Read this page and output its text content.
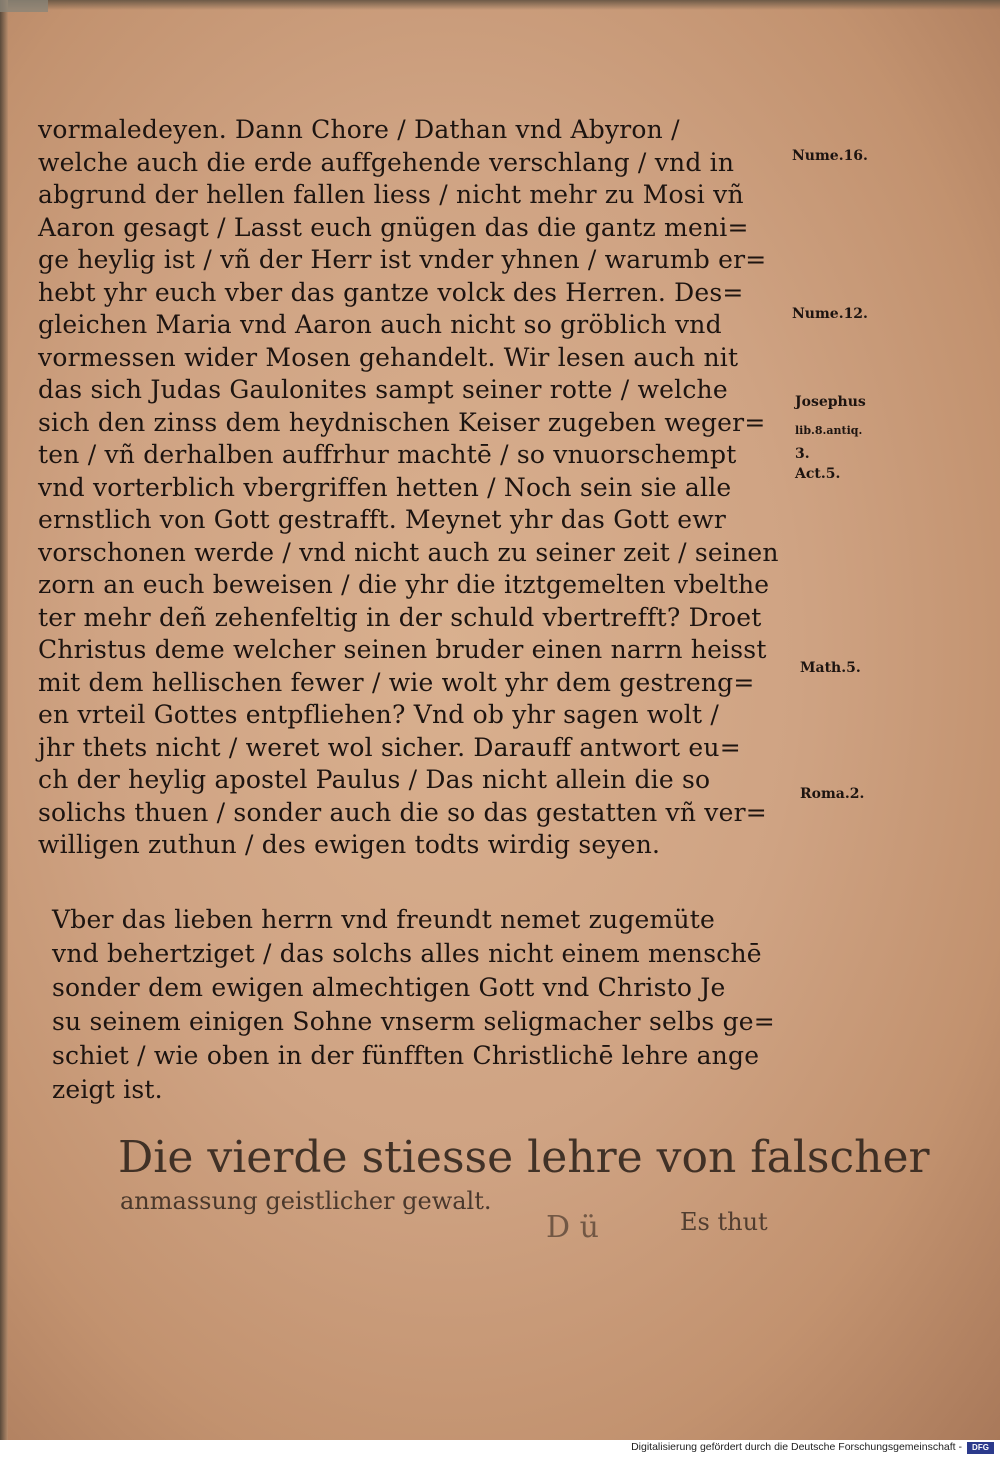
vormaledeyen. Dann Chore / Dathan vnd Abyron /
welche auch die erde auffgehende verschlang / vnd in
abgrund der hellen fallen liess / nicht mehr zu Mosi vñ
Aaron gesagt / Lasst euch gnügen das die gantz meni=
ge heylig ist / vñ der Herr ist vnder yhnen / warumb er=
hebt yhr euch vber das gantze volck des Herren. Des=
gleichen Maria vnd Aaron auch nicht so gröblich vnd
vormessen wider Mosen gehandelt. Wir lesen auch nit
das sich Judas Gaulonites sampt seiner rotte / welche
sich den zinss dem heydnischen Keiser zugeben weger=
ten / vñ derhalben auffrhur machtē / so vnuorschempt
vnd vorterblich vbergriffen hetten / Noch sein sie alle
ernstlich von Gott gestrafft. Meynet yhr das Gott ewr
vorschonen werde / vnd nicht auch zu seiner zeit / seinen
zorn an euch beweisen / die yhr die itztgemelten vbelthe
ter mehr deñ zehenfeltig in der schuld vbertrefft? Droet
Christus deme welcher seinen bruder einen narrn heisst
mit dem hellischen fewer / wie wolt yhr dem gestreng=
en vrteil Gottes entpfliehen? Vnd ob yhr sagen wolt /
jhr thets nicht / weret wol sicher. Darauff antwort eu=
ch der heylig apostel Paulus / Das nicht allein die so
solichs thuen / sonder auch die so das gestatten vñ ver=
willigen zuthun / des ewigen todts wirdig seyen.
Vber das lieben herrn vnd freundt nemet zugemüte
vnd behertziget / das solchs alles nicht einem menschē
sonder dem ewigen almechtigen Gott vnd Christo Je
su seinem einigen Sohne vnserm seligmacher selbs ge=
schiet / wie oben in der fünfften Christlichē lehre ange
zeigt ist.
Die vierde stiesse lehre von falscher
anmassung geistlicher gewalt.
D ü	Es thut
Nume.16.
Nume.12.
Josephus
lib.8.antiq.
3.
Act.5.
Math.5.
Roma.2.
Digitalisierung gefördert durch die Deutsche Forschungsgemeinschaft -	DFG
